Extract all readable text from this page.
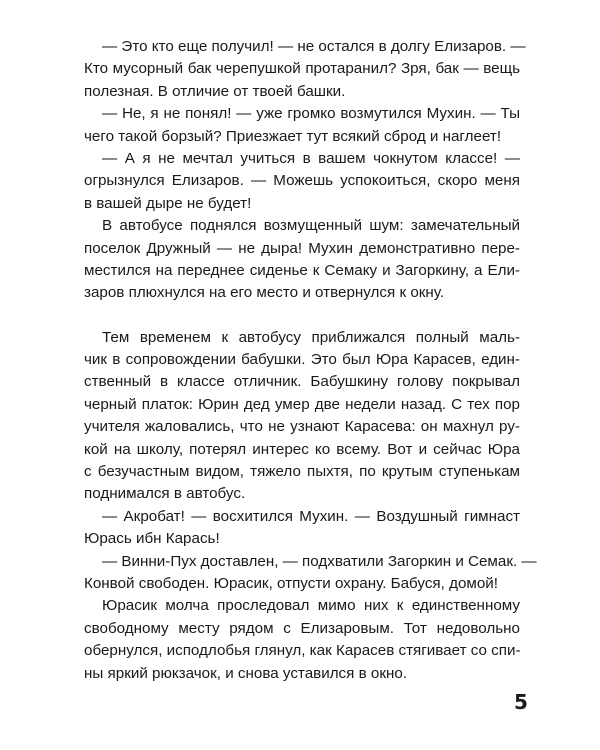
— Это кто еще получил! — не остался в долгу Елизаров. —
Кто мусорный бак черепушкой протаранил? Зря, бак — вещь
полезная. В отличие от твоей башки.

— Не, я не понял! — уже громко возмутился Мухин. — Ты
чего такой борзый? Приезжает тут всякий сброд и наглеет!

— А я не мечтал учиться в вашем чокнутом классе! —
огрызнулся Елизаров. — Можешь успокоиться, скоро меня
в вашей дыре не будет!

В автобусе поднялся возмущенный шум: замечательный
поселок Дружный — не дыра! Мухин демонстративно пере-
местился на переднее сиденье к Семаку и Загоркину, а Ели-
заров плюхнулся на его место и отвернулся к окну.

Тем временем к автобусу приближался полный маль-
чик в сопровождении бабушки. Это был Юра Карасев, един-
ственный в классе отличник. Бабушкину голову покрывал
черный платок: Юрин дед умер две недели назад. С тех пор
учителя жаловались, что не узнают Карасева: он махнул ру-
кой на школу, потерял интерес ко всему. Вот и сейчас Юра
с безучастным видом, тяжело пыхтя, по крутым ступенькам
поднимался в автобус.

— Акробат! — восхитился Мухин. — Воздушный гимнаст
Юрась ибн Карась!

— Винни-Пух доставлен, — подхватили Загоркин и Семак. —
Конвой свободен. Юрасик, отпусти охрану. Бабуся, домой!

Юрасик молча проследовал мимо них к единственному
свободному месту рядом с Елизаровым. Тот недовольно
обернулся, исподлобья глянул, как Карасев стягивает со спи-
ны яркий рюкзачок, и снова уставился в окно.

5
